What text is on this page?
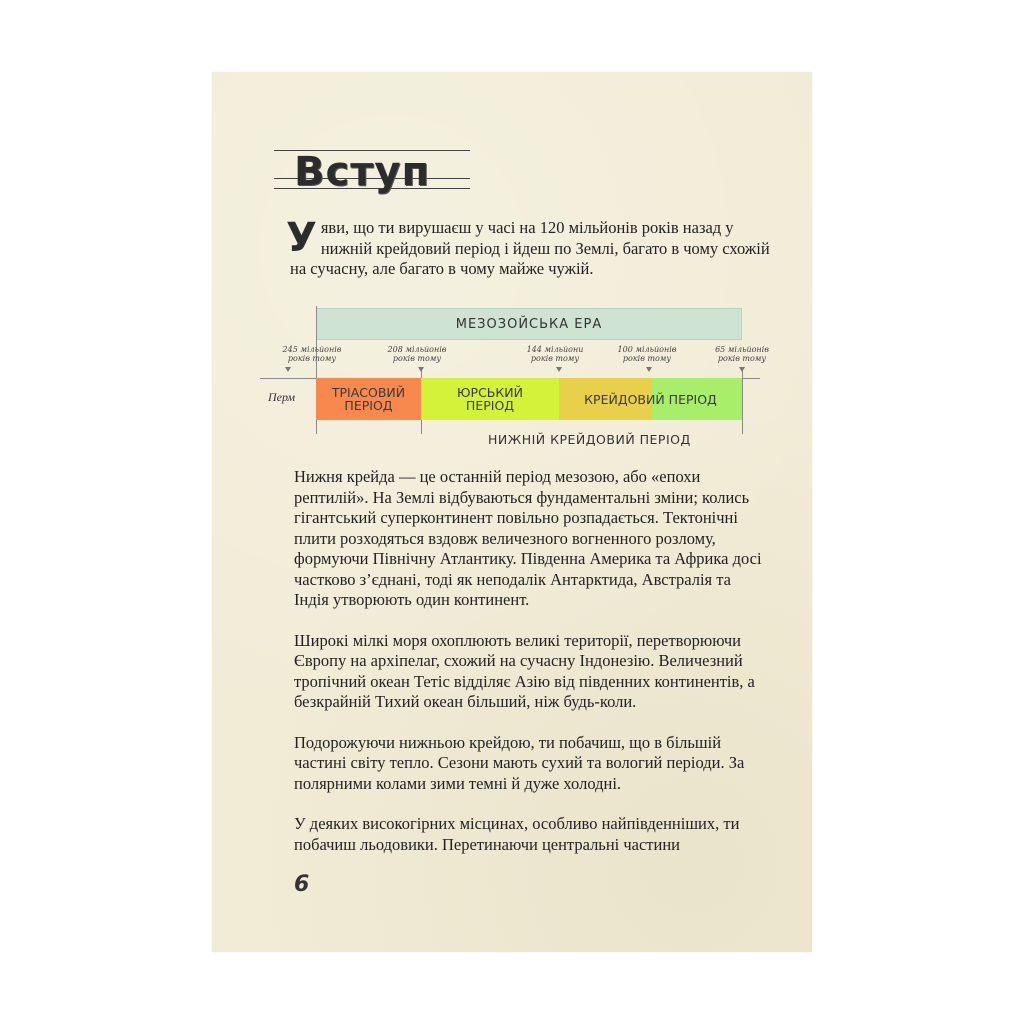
Вступ

Уяви, що ти вирушаєш у часі на 120 мільйонів років назад у нижній крейдовий період і йдеш по Землі, багато в чому схожій на сучасну, але багато в чому майже чужій.

МЕЗОЗОЙСЬКА ЕРА
245 мільйонів
років тому
208 мільйонів
років тому
144 мільйони
років тому
100 мільйонів
років тому
65 мільйонів
років тому
Перм	ТРІАСОВИЙ
ПЕРІОД
ЮРСЬКИЙ
ПЕРІОД	КРЕЙДОВИЙ ПЕРІОД
НИЖНІЙ КРЕЙДОВИЙ ПЕРІОД

Нижня крейда — це останній період мезозою, або «епохи рептилій». На Землі відбуваються фундаментальні зміни; колись гігантський суперконтинент повільно розпадається. Тектонічні плити розходяться вздовж величезного вогненного розлому, формуючи Північну Атлантику. Південна Америка та Африка досі частково з’єднані, тоді як неподалік Антарктида, Австралія та Індія утворюють один континент.

Широкі мілкі моря охоплюють великі території, перетворюючи Європу на архіпелаг, схожий на сучасну Індонезію. Величезний тропічний океан Тетіс відділяє Азію від південних континентів, а безкрайній Тихий океан більший, ніж будь-коли.

Подорожуючи нижньою крейдою, ти побачиш, що в більшій частині світу тепло. Сезони мають сухий та вологий періоди. За полярними колами зими темні й дуже холодні.

У деяких високогірних місцинах, особливо найпівденніших, ти побачиш льодовики. Перетинаючи центральні частини

6
